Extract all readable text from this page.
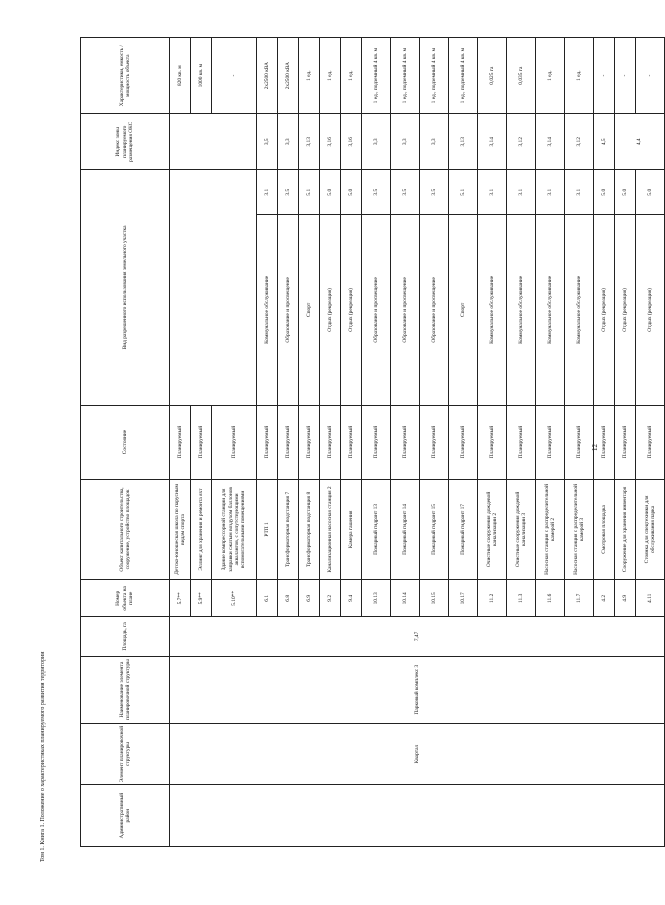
Том 1. Книга 1. Положение о характеристиках планируемого развития территории
12
Административный район	Элемент планировочной структуры	Наименование элемента планировочной структуры	Площадь, га	Номер объекта на плане	Объект капитального строительства, сооружение, устройство площадок	Состояние	Вид разрешенного использования земельного участка		Индекс зоны планируемого размещения ОКС	Характеристики, емкость / мощность объекта
	Квартал	Парковый комплекс 3	7,47	5.7**	Детско-юношеская школа по парусным видам спорта	Планируемый				820 кв. м
				5.9**	Эллинг для хранения и ремонта яхт	Планируемый				1000 кв. м
				5.10**	Здание компрессорной станции для заправки сжатым воздухом баллонов аквалангов, с сопутствующими вспомогательными помещениями	Планируемый				-
				6.1	РТП 1	Планируемый	Коммунальное обслуживание	3.1	3,5	2х2500 кВА
				6.8	Трансформаторная подстанция 7	Планируемый	Образование и просвещение	3.5	3,3	2х2500 кВА
				6.9	Трансформаторная подстанция 8	Планируемый	Спорт	5.1	3,13	1 ед.
				9.2	Канализационная насосная станция 2	Планируемый	Отдых (рекреация)	5.0	3,16	1 ед.
				9.4	Камера гашения	Планируемый	Отдых (рекреация)	5.0	3,16	1 ед.
				10.13	Пожарный гидрант 13	Планируемый	Образование и просвещение	3.5	3,3	1 ед., подземный 4 кв. м
				10.14	Пожарный гидрант 14	Планируемый	Образование и просвещение	3.5	3,3	1 ед., подземный 4 кв. м
				10.15	Пожарный гидрант 15	Планируемый	Образование и просвещение	3.5	3,3	1 ед., подземный 4 кв. м
				10.17	Пожарный гидрант 17	Планируемый	Спорт	5.1	3,13	1 ед., подземный 4 кв. м
				11.2	Очистные сооружения дождевой канализации 2	Планируемый	Коммунальное обслуживание	3.1	3,14	0,025 га
				11.3	Очистные сооружения дождевой канализации 3	Планируемый	Коммунальное обслуживание	3.1	3,12	0,035 га
				11.6	Насосная станция с распределительной камерой 2	Планируемый	Коммунальное обслуживание	3.1	3,14	1 ед.
				11.7	Насосная станция с распределительной камерой 3	Планируемый	Коммунальное обслуживание	3.1	3,12	1 ед.
				4.2	Смотровая площадка	Планируемый	Отдых (рекреация)	5.0	4,5	-
				4.9	Сооружение для хранения инвентаря	Планируемый	Отдых (рекреация)	5.0	4,4	-
				4.11	Стоянка для спецтехники для обслуживания парка	Планируемый	Отдых (рекреация)	5.0		-
